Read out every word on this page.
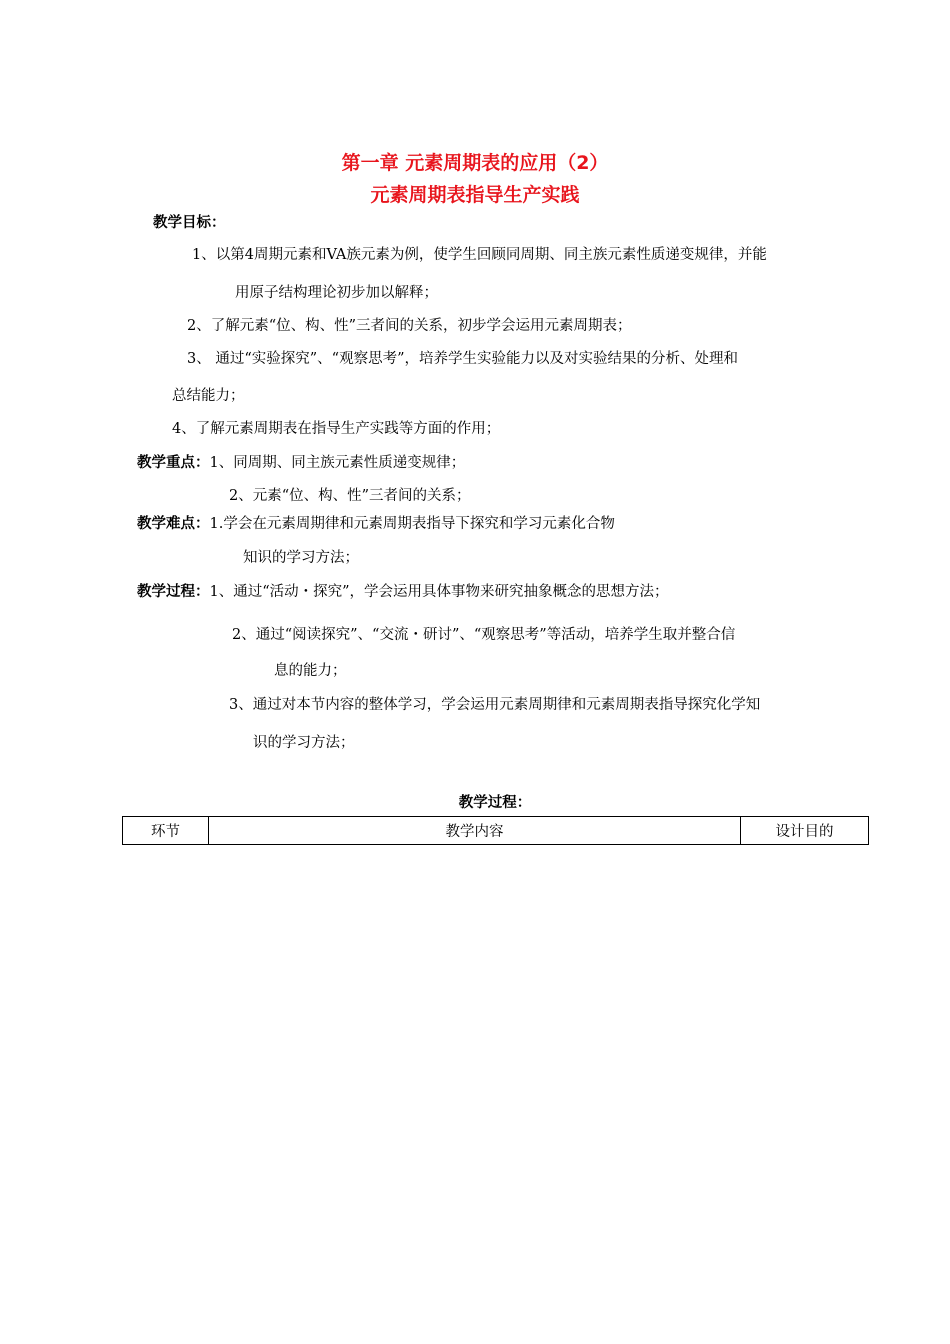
第一章 元素周期表的应用（2）
元素周期表指导生产实践
教学目标：
1、以第4周期元素和VA族元素为例，使学生回顾同周期、同主族元素性质递变规律，并能
用原子结构理论初步加以解释；
2、了解元素“位、构、性”三者间的关系，初步学会运用元素周期表；
3、 通过“实验探究”、“观察思考”，培养学生实验能力以及对实验结果的分析、处理和
总结能力；
4、了解元素周期表在指导生产实践等方面的作用；
教学重点：1、同周期、同主族元素性质递变规律；
2、元素“位、构、性”三者间的关系；
教学难点：1.学会在元素周期律和元素周期表指导下探究和学习元素化合物
知识的学习方法；
教学过程：1、通过“活动・探究”，学会运用具体事物来研究抽象概念的思想方法；
2、通过“阅读探究”、“交流・研讨”、“观察思考”等活动，培养学生取并整合信
息的能力；
3、通过对本节内容的整体学习，学会运用元素周期律和元素周期表指导探究化学知
识的学习方法；
教学过程：
环节	教学内容	设计目的
